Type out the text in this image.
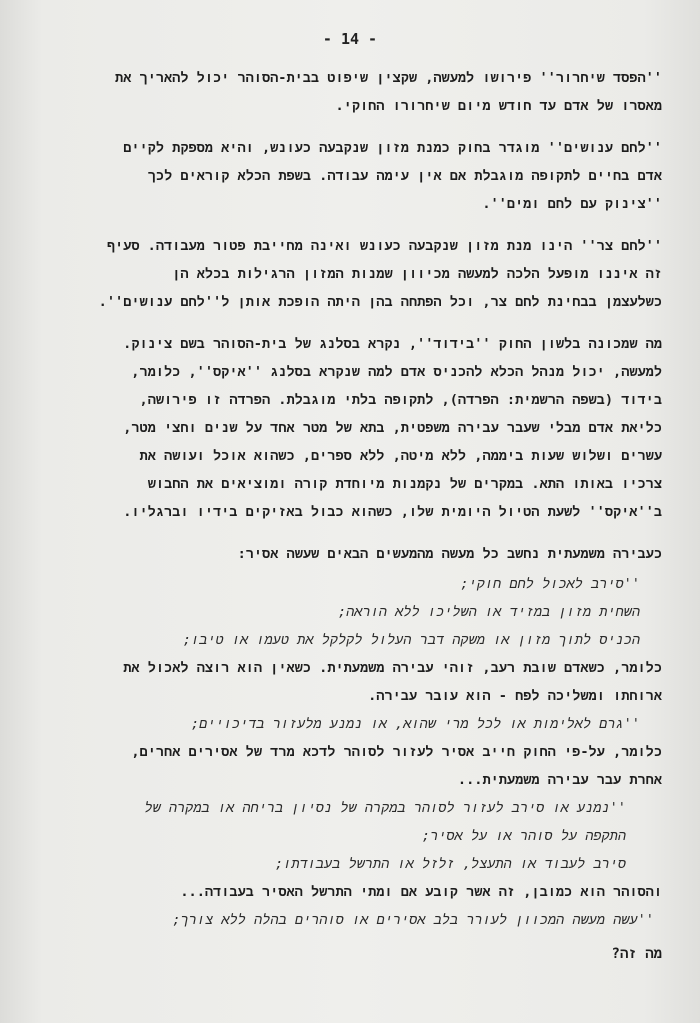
- 14 -
''הפסד שיחרור'' פירושו למעשה, שקצין שיפוט בבית-הסוהר יכול להאריך את
מאסרו של אדם עד חודש מיום שיחרורו החוקי.
''לחם ענושים'' מוגדר בחוק כמנת מזון שנקבעה כעונש, והיא מספקת לקיים
אדם בחיים לתקופה מוגבלת אם אין עימה עבודה. בשפת הכלא קוראים לכך
''צינוק עם לחם ומים''.
''לחם צר'' הינו מנת מזון שנקבעה כעונש ואינה מחייבת פטור מעבודה. סעיף
זה איננו מופעל הלכה למעשה מכיוון שמנות המזון הרגילות בכלא הן
כשלעצמן בבחינת לחם צר, וכל הפתחה בהן היתה הופכת אותן ל''לחם ענושים''.
מה שמכונה בלשון החוק ''בידוד'', נקרא בסלנג של בית-הסוהר בשם צינוק.
למעשה, יכול מנהל הכלא להכניס אדם למה שנקרא בסלנג ''איקס'', כלומר,
בידוד (בשפה הרשמית: הפרדה), לתקופה בלתי מוגבלת. הפרדה זו פירושה,
כליאת אדם מבלי שעבר עבירה משפטית, בתא של מטר אחד על שנים וחצי מטר,
עשרים ושלוש שעות ביממה, ללא מיטה, ללא ספרים, כשהוא אוכל ועושה את
צרכיו באותו התא. במקרים של נקמנות מיוחדת קורה ומוציאים את החבוש
ב''איקס'' לשעת הטיול היומית שלו, כשהוא כבול באזיקים בידיו וברגליו.
כעבירה משמעתית נחשב כל מעשה מהמעשים הבאים שעשה אסיר:
''סירב לאכול לחם חוקי;
השחית מזון במזיד או השליכו ללא הוראה;
הכניס לתוך מזון או משקה דבר העלול לקלקל את טעמו או טיבו;
כלומר, כשאדם שובת רעב, זוהי עבירה משמעתית. כשאין הוא רוצה לאכול את
ארוחתו ומשליכה לפח - הוא עובר עבירה.
''גרם לאלימות או לכל מרי שהוא, או נמנע מלעזור בדיכויים;
כלומר, על-פי החוק חייב אסיר לעזור לסוהר לדכא מרד של אסירים אחרים,
אחרת עבר עבירה משמעתית...
''נמנע או סירב לעזור לסוהר במקרה של נסיון בריחה או במקרה של
התקפה על סוהר או על אסיר;
סירב לעבוד או התעצל, זלזל או התרשל בעבודתו;
והסוהר הוא כמובן, זה אשר קובע אם ומתי התרשל האסיר בעבודה...
''עשה מעשה המכוון לעורר בלב אסירים או סוהרים בהלה ללא צורך;
מה זה?
